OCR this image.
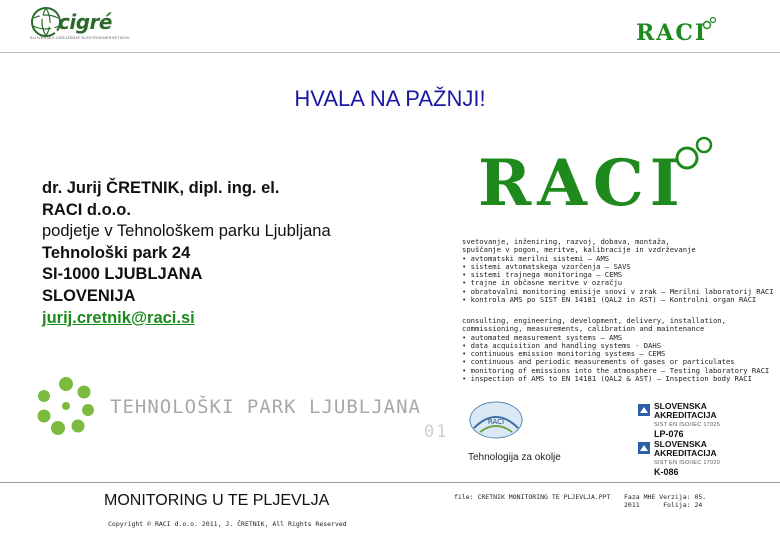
cigré
SLOVENSKO ZDRUŽENJE ELEKTROENERGETIKOV	RACI
HVALA NA PAŽNJI!
dr. Jurij ČRETNIK, dipl. ing. el.
RACI d.o.o.
podjetje v Tehnološkem parku Ljubljana
Tehnološki park 24
SI-1000 LJUBLJANA
SLOVENIJA
jurij.cretnik@raci.si
RACI
svetovanje, inženiring, razvoj, dobava, montaža,
spuščanje v pogon, meritve, kalibracije in vzdrževanje
• avtomatski merilni sistemi – AMS
• sistemi avtomatskega vzorčenja – SAVS
• sistemi trajnega monitoringa – CEMS
• trajne in občasne meritve v ozračju
• obratovalni monitoring emisije snovi v zrak – Merilni laboratorij RACI
• kontrola AMS po SIST EN 14181 (QAL2 in AST) – Kontrolni organ RACI
consulting, engineering, development, delivery, installation,
commissioning, measurements, calibration and maintenance
• automated measurement systems – AMS
• data acquisition and handling systems - DAHS
• continuous emission monitoring systems – CEMS
• continuous and periodic measurements of gases or particulates
• monitoring of emissions into the atmosphere – Testing laboratory RACI
• inspection of AMS to EN 14181 (QAL2 & AST) – Inspection body RACI
TEHNOLOŠKI PARK LJUBLJANA
01	RACI
Tehnologija za okolje
SLOVENSKA
AKREDITACIJA
SIST EN ISO/IEC 17025
LP-076
SLOVENSKA
AKREDITACIJA
SIST EN ISO/IEC 17020
K-086
MONITORING U TE PLJEVLJA
Copyright © RACI d.o.o. 2011, J. ČRETNIK, All Rights Reserved
file: CRETNIK MONITORING TE PLJEVLJA.PPT Faza MHE Verzija: 05.
2011      Folija: 24
